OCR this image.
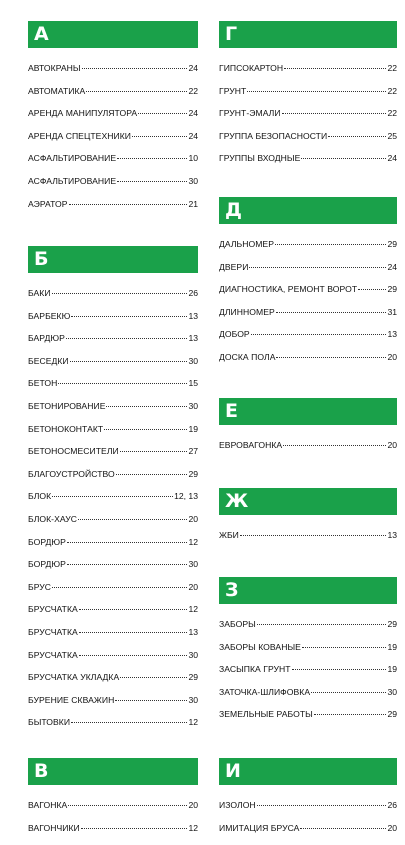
А
АВТОКРАНЫ	24
АВТОМАТИКА	22
АРЕНДА МАНИПУЛЯТОРА	24
АРЕНДА СПЕЦТЕХНИКИ	24
АСФАЛЬТИРОВАНИЕ	10
АСФАЛЬТИРОВАНИЕ	30
АЭРАТОР	21
Б
БАКИ	26
БАРБЕКЮ	13
БАРДЮР	13
БЕСЕДКИ	30
БЕТОН	15
БЕТОНИРОВАНИЕ	30
БЕТОНОКОНТАКТ	19
БЕТОНОСМЕСИТЕЛИ	27
БЛАГОУСТРОЙСТВО	29
БЛОК	12, 13
БЛОК-ХАУС	20
БОРДЮР	12
БОРДЮР	30
БРУС	20
БРУСЧАТКА	12
БРУСЧАТКА	13
БРУСЧАТКА	30
БРУСЧАТКА УКЛАДКА	29
БУРЕНИЕ СКВАЖИН	30
БЫТОВКИ	12
В
ВАГОНКА	20
ВАГОНЧИКИ	12
Г
ГИПСОКАРТОН	22
ГРУНТ	22
ГРУНТ-ЭМАЛИ	22
ГРУППА БЕЗОПАСНОСТИ	25
ГРУППЫ ВХОДНЫЕ	24
Д
ДАЛЬНОМЕР	29
ДВЕРИ	24
ДИАГНОСТИКА, РЕМОНТ ВОРОТ	29
ДЛИННОМЕР	31
ДОБОР	13
ДОСКА ПОЛА	20
Е
ЕВРОВАГОНКА	20
Ж
ЖБИ	13
З
ЗАБОРЫ	29
ЗАБОРЫ КОВАНЫЕ	19
ЗАСЫПКА ГРУНТ	19
ЗАТОЧКА-ШЛИФОВКА	30
ЗЕМЕЛЬНЫЕ РАБОТЫ	29
И
ИЗОЛОН	26
ИМИТАЦИЯ БРУСА	20
